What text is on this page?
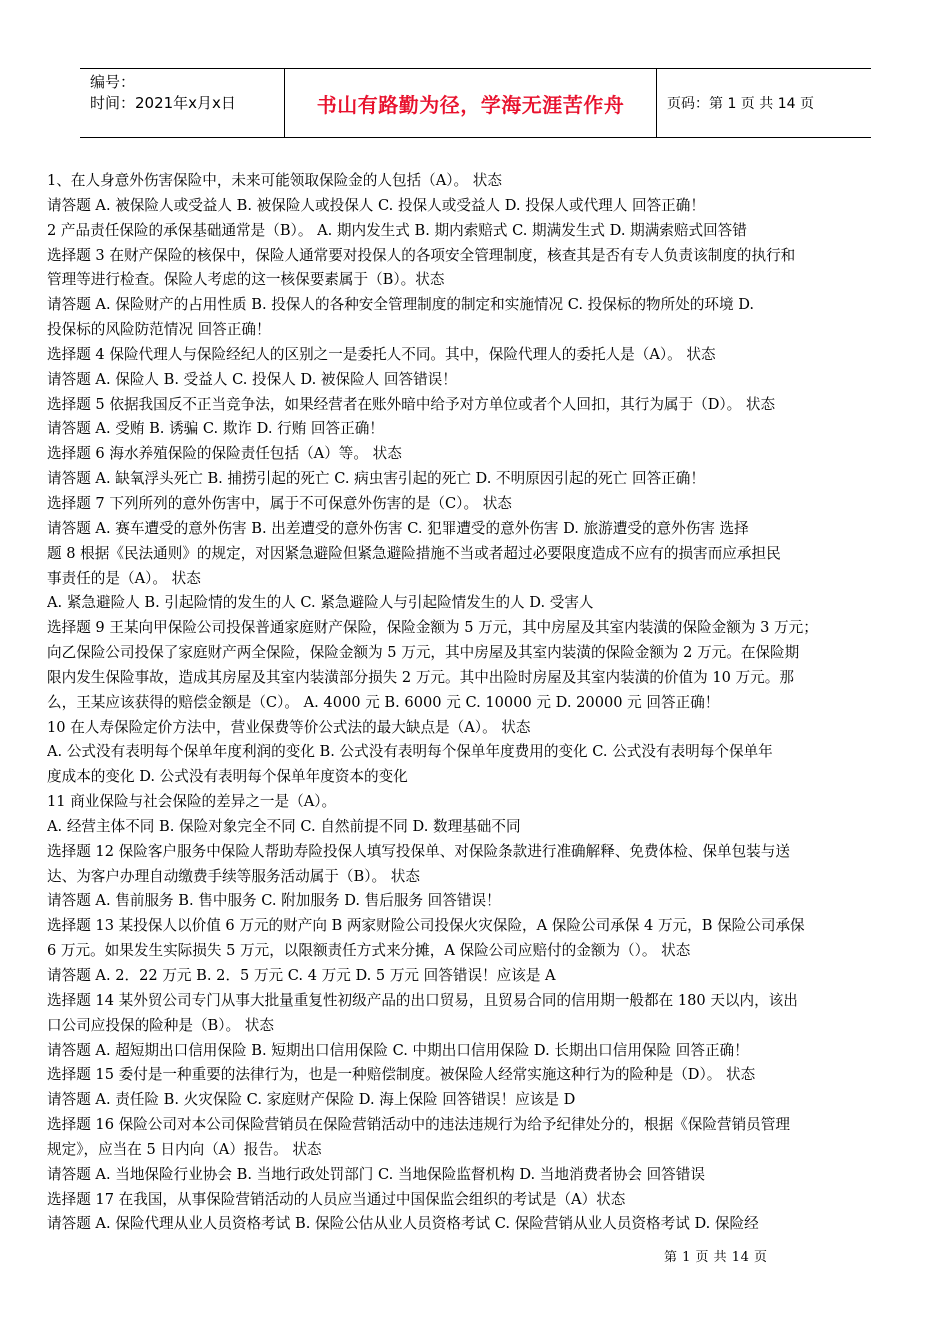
编号：
时间：2021年x月x日	书山有路勤为径，学海无涯苦作舟	页码：第 1 页 共 14 页
1、在人身意外伤害保险中，未来可能领取保险金的人包括（A）。 状态
请答题 A. 被保险人或受益人 B. 被保险人或投保人 C. 投保人或受益人 D. 投保人或代理人 回答正确！
2 产品责任保险的承保基础通常是（B）。 A. 期内发生式 B. 期内索赔式 C. 期满发生式 D. 期满索赔式回答错
选择题 3 在财产保险的核保中，保险人通常要对投保人的各项安全管理制度，核查其是否有专人负责该制度的执行和
管理等进行检查。保险人考虑的这一核保要素属于（B）。状态
请答题 A. 保险财产的占用性质 B. 投保人的各种安全管理制度的制定和实施情况 C. 投保标的物所处的环境 D.
投保标的风险防范情况 回答正确！
选择题 4 保险代理人与保险经纪人的区别之一是委托人不同。其中，保险代理人的委托人是（A）。 状态
请答题 A. 保险人 B. 受益人 C. 投保人 D. 被保险人 回答错误！
选择题 5 依据我国反不正当竞争法，如果经营者在账外暗中给予对方单位或者个人回扣，其行为属于（D）。 状态
请答题 A. 受贿 B. 诱骗 C. 欺诈 D. 行贿 回答正确！
选择题 6 海水养殖保险的保险责任包括（A）等。 状态
请答题 A. 缺氧浮头死亡 B. 捕捞引起的死亡 C. 病虫害引起的死亡 D. 不明原因引起的死亡 回答正确！
选择题 7 下列所列的意外伤害中，属于不可保意外伤害的是（C）。 状态
请答题 A. 赛车遭受的意外伤害 B. 出差遭受的意外伤害 C. 犯罪遭受的意外伤害 D. 旅游遭受的意外伤害 选择
题 8 根据《民法通则》的规定，对因紧急避险但紧急避险措施不当或者超过必要限度造成不应有的损害而应承担民
事责任的是（A）。 状态
A. 紧急避险人 B. 引起险情的发生的人 C. 紧急避险人与引起险情发生的人 D. 受害人
选择题 9 王某向甲保险公司投保普通家庭财产保险，保险金额为 5 万元，其中房屋及其室内装潢的保险金额为 3 万元；
向乙保险公司投保了家庭财产两全保险，保险金额为 5 万元，其中房屋及其室内装潢的保险金额为 2 万元。在保险期
限内发生保险事故，造成其房屋及其室内装潢部分损失 2 万元。其中出险时房屋及其室内装潢的价值为 10 万元。那
么，王某应该获得的赔偿金额是（C）。 A. 4000 元 B. 6000 元 C. 10000 元 D. 20000 元 回答正确！
10 在人寿保险定价方法中，营业保费等价公式法的最大缺点是（A）。 状态
A. 公式没有表明每个保单年度利润的变化 B. 公式没有表明每个保单年度费用的变化 C. 公式没有表明每个保单年
度成本的变化 D. 公式没有表明每个保单年度资本的变化
11 商业保险与社会保险的差异之一是（A）。
A. 经营主体不同 B. 保险对象完全不同 C. 自然前提不同 D. 数理基础不同
选择题 12 保险客户服务中保险人帮助寿险投保人填写投保单、对保险条款进行准确解释、免费体检、保单包装与送
达、为客户办理自动缴费手续等服务活动属于（B）。 状态
请答题 A. 售前服务 B. 售中服务 C. 附加服务 D. 售后服务 回答错误！
选择题 13 某投保人以价值 6 万元的财产向 B 两家财险公司投保火灾保险，A 保险公司承保 4 万元，B 保险公司承保
6 万元。如果发生实际损失 5 万元，以限额责任方式来分摊，A 保险公司应赔付的金额为（）。 状态
请答题 A. 2．22 万元 B. 2．5 万元 C. 4 万元 D. 5 万元 回答错误！应该是 A
选择题 14 某外贸公司专门从事大批量重复性初级产品的出口贸易，且贸易合同的信用期一般都在 180 天以内，该出
口公司应投保的险种是（B）。 状态
请答题 A. 超短期出口信用保险 B. 短期出口信用保险 C. 中期出口信用保险 D. 长期出口信用保险 回答正确！
选择题 15 委付是一种重要的法律行为，也是一种赔偿制度。被保险人经常实施这种行为的险种是（D）。 状态
请答题 A. 责任险 B. 火灾保险 C. 家庭财产保险 D. 海上保险 回答错误！应该是 D
选择题 16 保险公司对本公司保险营销员在保险营销活动中的违法违规行为给予纪律处分的，根据《保险营销员管理
规定》，应当在 5 日内向（A）报告。 状态
请答题 A. 当地保险行业协会 B. 当地行政处罚部门 C. 当地保险监督机构 D. 当地消费者协会 回答错误
选择题 17 在我国，从事保险营销活动的人员应当通过中国保监会组织的考试是（A）状态
请答题 A. 保险代理从业人员资格考试 B. 保险公估从业人员资格考试 C. 保险营销从业人员资格考试 D. 保险经
第 1 页 共 14 页
